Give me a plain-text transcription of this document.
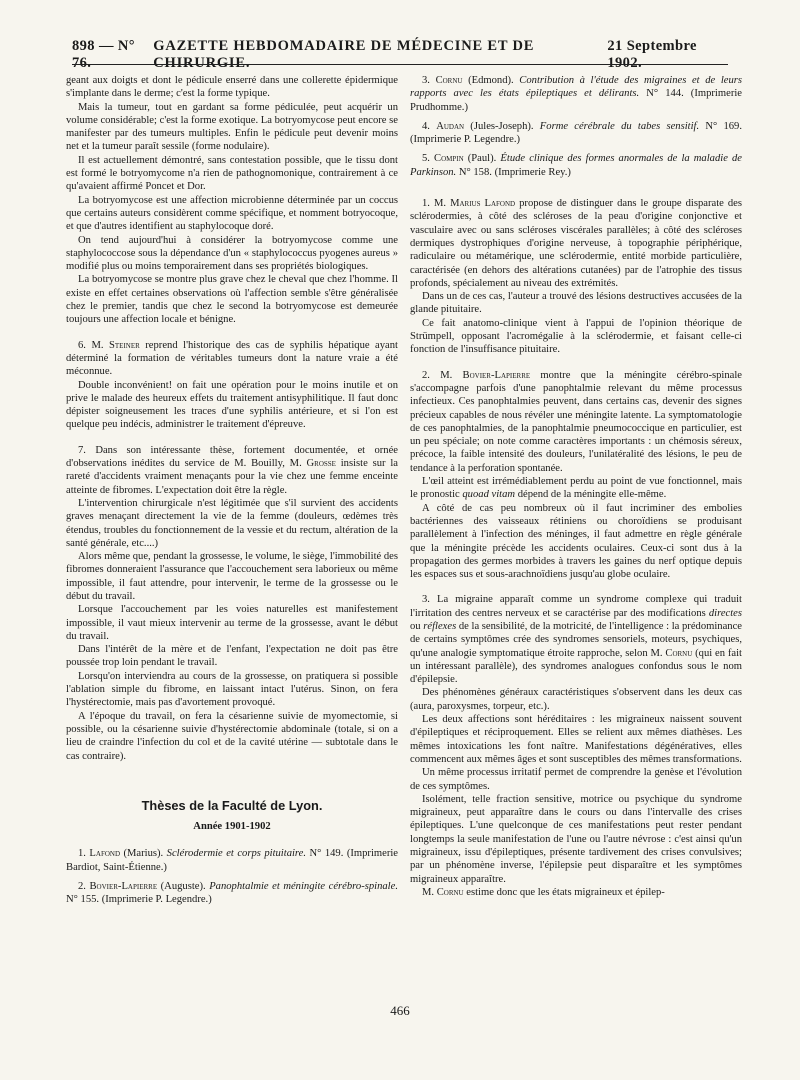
898 — N° 76.
GAZETTE HEBDOMADAIRE DE MÉDECINE ET DE CHIRURGIE.
21 Septembre 1902.

geant aux doigts et dont le pédicule enserré dans une collerette épidermique s'implante dans le derme; c'est la forme typique.

Mais la tumeur, tout en gardant sa forme pédiculée, peut acquérir un volume considérable; c'est la forme exotique. La botryomycose peut encore se manifester par des tumeurs multiples. Enfin le pédicule peut devenir moins net et la tumeur paraît sessile (forme nodulaire).

Il est actuellement démontré, sans contestation possible, que le tissu dont est formé le botryomycome n'a rien de pathognomonique, contrairement à ce qu'avaient affirmé Poncet et Dor.

La botryomycose est une affection microbienne déterminée par un coccus que certains auteurs considèrent comme spécifique, et nomment botryocoque, et que d'autres identifient au staphylocoque doré.

On tend aujourd'hui à considérer la botryomycose comme une staphylococcose sous la dépendance d'un « staphylococcus pyogenes aureus » modifié plus ou moins temporairement dans ses propriétés biologiques.

La botryomycose se montre plus grave chez le cheval que chez l'homme. Il existe en effet certaines observations où l'affection semble s'être généralisée chez le premier, tandis que chez le second la botryomycose est demeurée toujours une affection locale et bénigne.

6. M. Steiner reprend l'historique des cas de syphilis hépatique ayant déterminé la formation de véritables tumeurs dont la nature vraie a été méconnue.

Double inconvénient! on fait une opération pour le moins inutile et on prive le malade des heureux effets du traitement antisyphilitique. Il faut donc dépister soigneusement les traces d'une syphilis antérieure, et si l'on est quelque peu indécis, administrer le traitement d'épreuve.

7. Dans son intéressante thèse, fortement documentée, et ornée d'observations inédites du service de M. Bouilly, M. Grosse insiste sur la rareté d'accidents vraiment menaçants pour la vie chez une femme enceinte atteinte de fibromes. L'expectation doit être la règle.

L'intervention chirurgicale n'est légitimée que s'il survient des accidents graves menaçant directement la vie de la femme (douleurs, œdèmes très étendus, troubles du fonctionnement de la vessie et du rectum, altération de la santé générale, etc....)

Alors même que, pendant la grossesse, le volume, le siège, l'immobilité des fibromes donneraient l'assurance que l'accouchement sera laborieux ou même impossible, il faut attendre, pour intervenir, le terme de la grossesse ou le début du travail.

Lorsque l'accouchement par les voies naturelles est manifestement impossible, il vaut mieux intervenir au terme de la grossesse, avant le début du travail.

Dans l'intérêt de la mère et de l'enfant, l'expectation ne doit pas être poussée trop loin pendant le travail.

Lorsqu'on interviendra au cours de la grossesse, on pratiquera si possible l'ablation simple du fibrome, en laissant intact l'utérus. Sinon, on fera l'hystérectomie, mais pas d'avortement provoqué.

A l'époque du travail, on fera la césarienne suivie de myomectomie, si possible, ou la césarienne suivie d'hystérectomie abdominale (totale, si on a lieu de craindre l'infection du col et de la cavité utérine — subtotale dans le cas contraire).

Thèses de la Faculté de Lyon.
Année 1901-1902

1. Lafond (Marius). Sclérodermie et corps pituitaire. N° 149. (Imprimerie Bardiot, Saint-Étienne.)

2. Bovier-Lapierre (Auguste). Panophtalmie et méningite cérébro-spinale. N° 155. (Imprimerie P. Legendre.)

3. Cornu (Edmond). Contribution à l'étude des migraines et de leurs rapports avec les états épileptiques et délirants. N° 144. (Imprimerie Prudhomme.)

4. Audan (Jules-Joseph). Forme cérébrale du tabes sensitif. N° 169. (Imprimerie P. Legendre.)

5. Compin (Paul). Étude clinique des formes anormales de la maladie de Parkinson. N° 158. (Imprimerie Rey.)

1. M. Marius Lafond propose de distinguer dans le groupe disparate des sclérodermies, à côté des scléroses de la peau d'origine conjonctive et vasculaire avec ou sans scléroses viscérales parallèles; à côté des scléroses dermiques dystrophiques d'origine nerveuse, à topographie périphérique, radiculaire ou métamérique, une sclérodermie, entité morbide particulière, caractérisée (en dehors des altérations cutanées) par de l'atrophie des tissus profonds, spécialement au niveau des extrémités.

Dans un de ces cas, l'auteur a trouvé des lésions destructives accusées de la glande pituitaire.

Ce fait anatomo-clinique vient à l'appui de l'opinion théorique de Strümpell, opposant l'acromégalie à la sclérodermie, et faisant celle-ci fonction de l'insuffisance pituitaire.

2. M. Bovier-Lapierre montre que la méningite cérébro-spinale s'accompagne parfois d'une panophtalmie relevant du même processus infectieux. Ces panophtalmies peuvent, dans certains cas, devenir des signes précieux capables de nous révéler une méningite latente. La symptomatologie de ces panophtalmies, de la panophtalmie pneumococcique en particulier, est un peu spéciale; on note comme caractères importants : un chémosis séreux, précoce, la faible intensité des douleurs, l'unilatéralité des lésions, le peu de tendance à la perforation spontanée.

L'œil atteint est irrémédiablement perdu au point de vue fonctionnel, mais le pronostic quoad vitam dépend de la méningite elle-même.

A côté de cas peu nombreux où il faut incriminer des embolies bactériennes des vaisseaux rétiniens ou choroïdiens se produisant parallèlement à l'infection des méninges, il faut admettre en règle générale que la méningite précède les accidents oculaires. Ceux-ci sont dus à la propagation des germes morbides à travers les gaines du nerf optique depuis les espaces sus et sous-arachnoïdiens jusqu'au globe oculaire.

3. La migraine apparaît comme un syndrome complexe qui traduit l'irritation des centres nerveux et se caractérise par des modifications directes ou réflexes de la sensibilité, de la motricité, de l'intelligence : la prédominance de certains symptômes crée des syndromes sensoriels, moteurs, psychiques, qu'une analogie symptomatique étroite rapproche, selon M. Cornu (qui en fait un intéressant parallèle), des syndromes analogues confondus sous le nom d'épilepsie.

Des phénomènes généraux caractéristiques s'observent dans les deux cas (aura, paroxysmes, torpeur, etc.).

Les deux affections sont héréditaires : les migraineux naissent souvent d'épileptiques et réciproquement. Elles se relient aux mêmes diathèses. Les mêmes intoxications les font naître. Manifestations dégénératives, elles commencent aux mêmes âges et sont susceptibles des mêmes transformations.

Un même processus irritatif permet de comprendre la genèse et l'évolution de ces symptômes.

Isolément, telle fraction sensitive, motrice ou psychique du syndrome migraineux, peut apparaître dans le cours ou dans l'intervalle des crises épileptiques. L'une quelconque de ces manifestations peut rester pendant longtemps la seule manifestation de l'une ou l'autre névrose : c'est ainsi qu'un migraineux, issu d'épileptiques, présente tardivement des crises convulsives; par un phénomène inverse, l'épilepsie peut disparaître et les symptômes migraineux apparaître.

M. Cornu estime donc que les états migraineux et épilep-

466
